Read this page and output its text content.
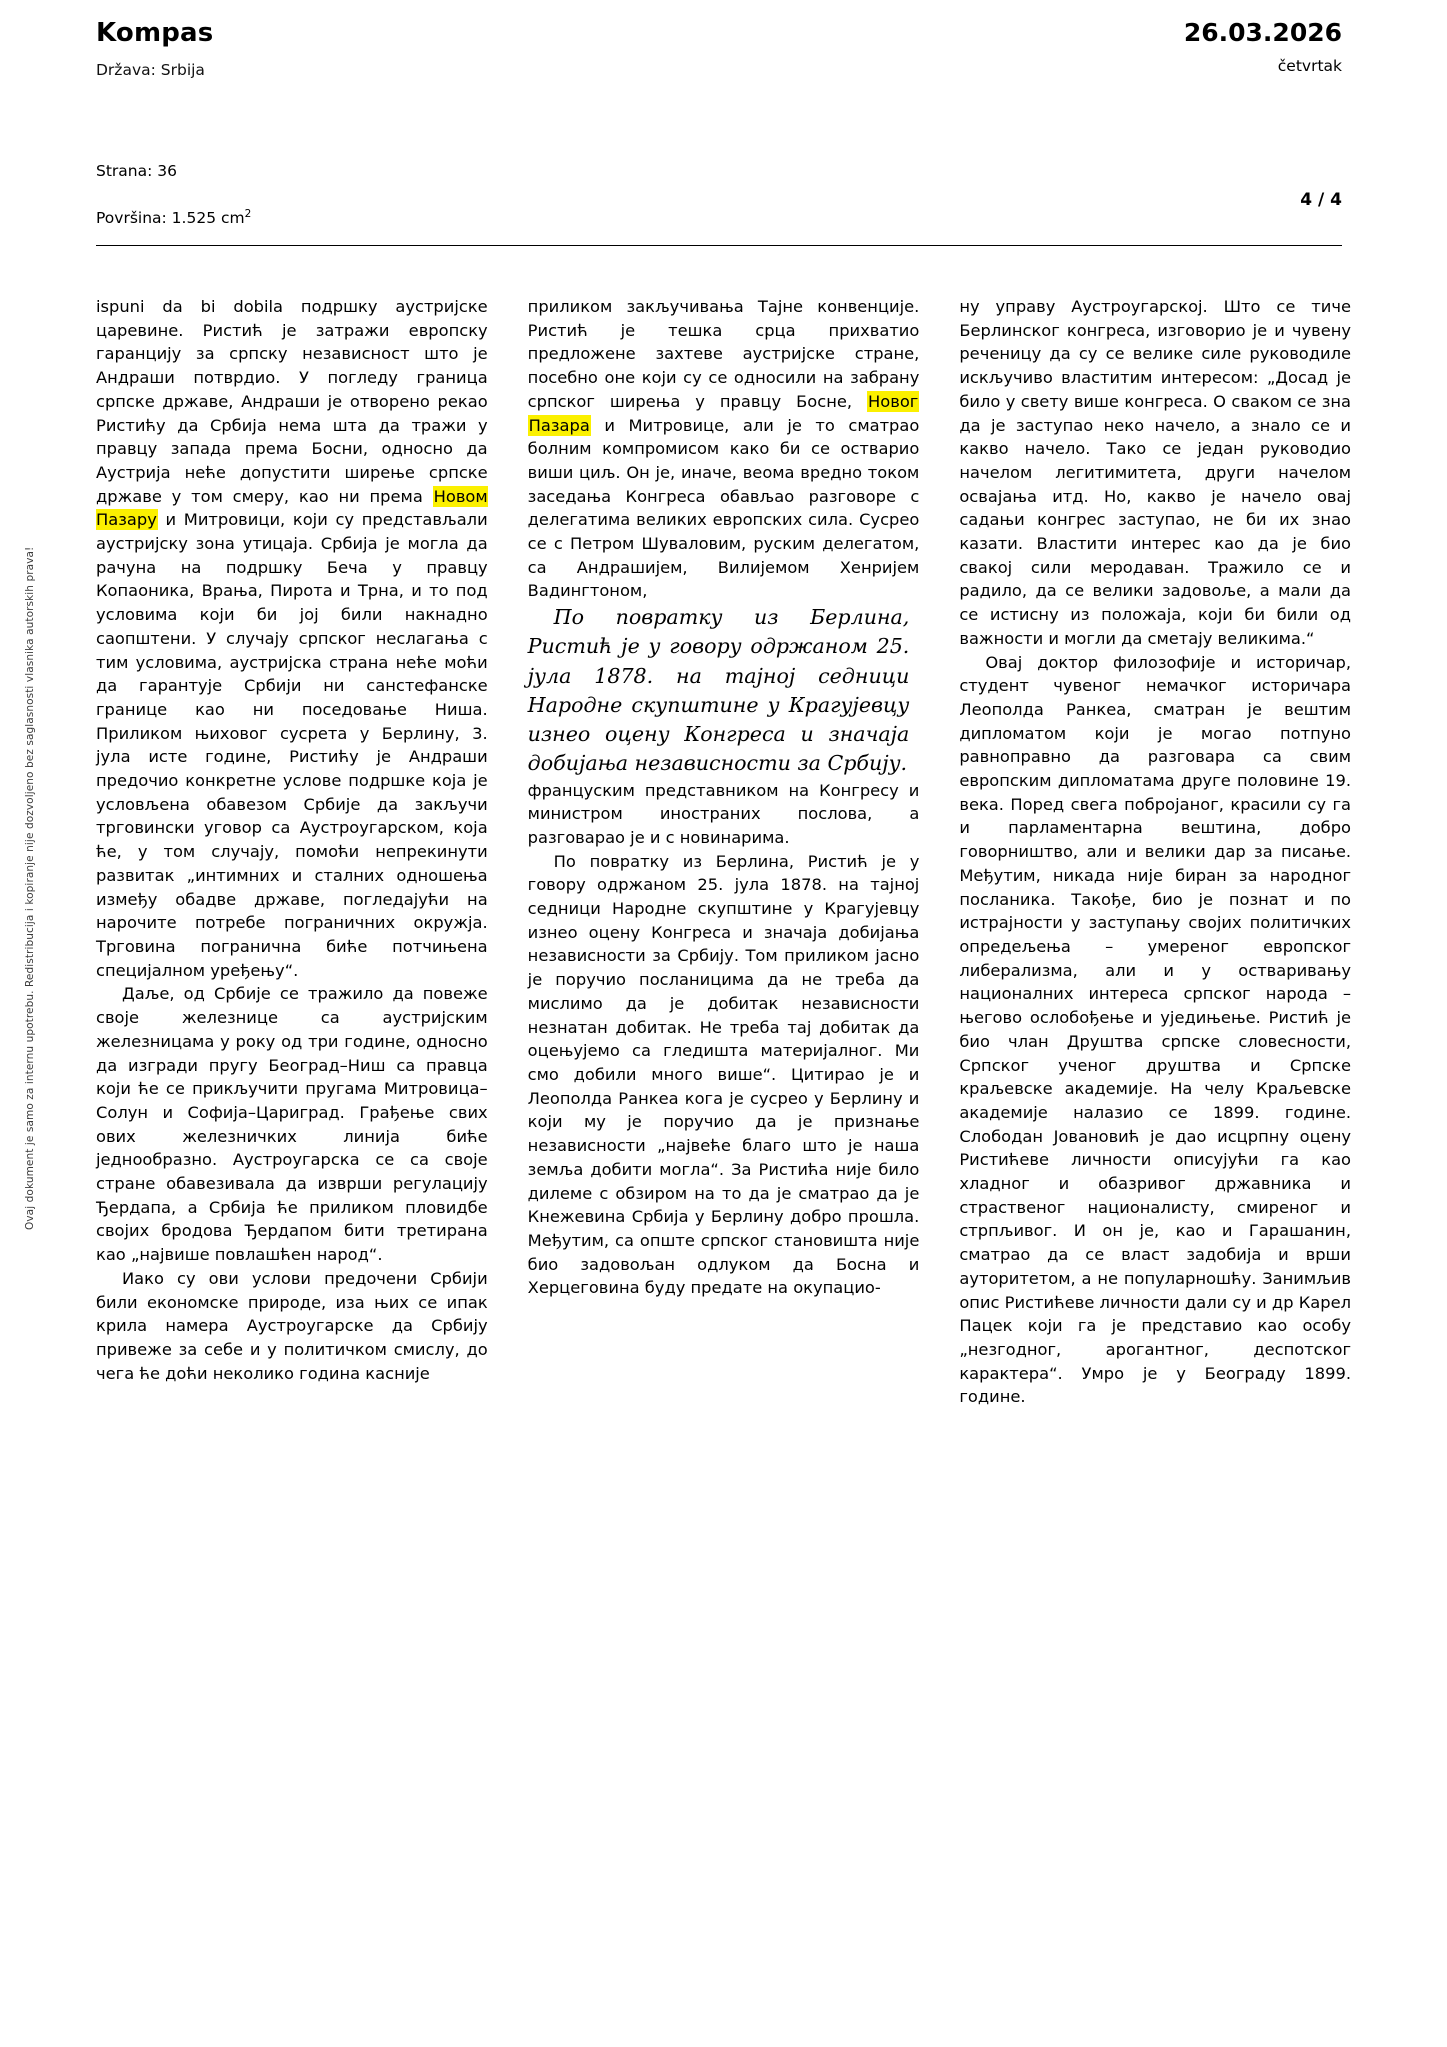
Kompas
Država: Srbija
26.03.2026
četvrtak
Strana: 36
Površina: 1.525 $cm^2$
4 / 4
Ovaj dokument je samo za internu upotrebu. Redistribucija i kopiranje nije dozvoljeno bez saglasnosti vlasnika autorskih prava!

ispuni da bi dobila подршку аустријске царевине. Ристић је затражи европску гаранцију за српску независност што је Андраши потврдио. У погледу граница српске државе, Андраши је отворено рекао Ристићу да Србија нема шта да тражи у правцу запада према Босни, односно да Аустрија неће допустити ширење српске државе у том смеру, као ни према Новом Пазару и Митровици, који су представљали аустријску зона утицаја. Србија је могла да рачуна на подршку Беча у правцу Копаоника, Врања, Пирота и Трна, и то под условима који би јој били накнадно саопштени. У случају српског неслагања с тим условима, аустријска страна неће моћи да гарантује Србији ни санстефанске границе као ни поседовање Ниша. Приликом њиховог сусрета у Берлину, 3. јула исте године, Ристићу је Андраши предочио конкретне услове подршке која је условљена обавезом Србије да закључи трговински уговор са Аустроугарском, која ће, у том случају, помоћи непрекинути развитак „интимних и сталних одношења између обадве државе, погледајући на нарочите потребе пограничних окружја. Трговина погранична биће потчињена специјалном уређењу“.

Даље, од Србије се тражило да повеже своје железнице са аустријским железницама у року од три године, односно да изгради пругу Београд–Ниш са правца који ће се прикључити пругама Митровица–Солун и Софија–Цариград. Грађење свих ових железничких линија биће једнообразно. Аустроугарска се са своје стране обавезивала да изврши регулацију Ђердапа, а Србија ће приликом пловидбе својих бродова Ђердапом бити третирана као „највише повлашћен народ“.

Иако су ови услови предочени Србији били економске природе, иза њих се ипак крила намера Аустроугарске да Србију привеже за себе и у политичком смислу, до чега ће доћи неколико година касније

приликом закључивања Тајне конвенције. Ристић је тешка срца прихватио предложене захтеве аустријске стране, посебно оне који су се односили на забрану српског ширења у правцу Босне, Новог Пазара и Митровице, али је то сматрао болним компромисом како би се остварио виши циљ. Он је, иначе, веома вредно током заседања Конгреса обављао разговоре с делегатима великих европских сила. Сусрео се с Петром Шуваловим, руским делегатом, са Андрашијем, Вилијемом Хенријем Вадингтоном,

По повратку из Берлина, Ристић је у говору одржаном 25. јула 1878. на тајној седници Народне скупштине у Крагујевцу изнео оцену Конгреса и значаја добијања независности за Србију.

француским представником на Конгресу и министром иностраних послова, а разговарао је и с новинарима.

По повратку из Берлина, Ристић је у говору одржаном 25. јула 1878. на тајној седници Народне скупштине у Крагујевцу изнео оцену Конгреса и значаја добијања независности за Србију. Том приликом јасно је поручио посланицима да не треба да мислимо да је добитак независности незнатан добитак. Не треба тај добитак да оцењујемо са гледишта материјалног. Ми смо добили много више“. Цитирао је и Леополда Ранкеа кога је сусрео у Берлину и који му је поручио да је признање независности „највеће благо што је наша земља добити могла“. За Ристића није било дилеме с обзиром на то да је сматрао да је Кнежевина Србија у Берлину добро прошла. Међутим, са опште српског становишта није био задовољан одлуком да Босна и Херцеговина буду предате на окупацио-

ну управу Аустроугарској. Што се тиче Берлинског конгреса, изговорио је и чувену реченицу да су се велике силе руководиле искључиво властитим интересом: „Досад је било у свету више конгреса. О сваком се зна да је заступао неко начело, а знало се и какво начело. Тако се један руководио начелом легитимитета, други начелом освајања итд. Но, какво је начело овај садањи конгрес заступао, не би их знао казати. Властити интерес као да је био свакој сили меродаван. Тражило се и радило, да се велики задовоље, а мали да се истисну из положаја, који би били од важности и могли да сметају великима.“

Овај доктор филозофије и историчар, студент чувеног немачког историчара Леополда Ранкеа, сматран је вештим дипломатом који је могао потпуно равноправно да разговара са свим европским дипломатама друге половине 19. века. Поред свега побројаног, красили су га и парламентарна вештина, добро говорништво, али и велики дар за писање. Међутим, никада није биран за народног посланика. Такође, био је познат и по истрајности у заступању својих политичких опредељења – умереног европског либерализма, али и у остваривању националних интереса српског народа – његово ослобођење и уједињење. Ристић је био члан Друштва српске словесности, Српског ученог друштва и Српске краљевске академије. На челу Краљевске академије налазио се 1899. године. Слободан Јовановић је дао исцрпну оцену Ристићеве личности описујући га као хладног и обазривог државника и страственог националисту, смиреног и стрпљивог. И он је, као и Гарашанин, сматрао да се власт задобија и врши ауторитетом, а не популарношћу. Занимљив опис Ристићеве личности дали су и др Карел Пацек који га је представио као особу „незгодног, арогантног, деспотског карактера“. Умро је у Београду 1899. године.
